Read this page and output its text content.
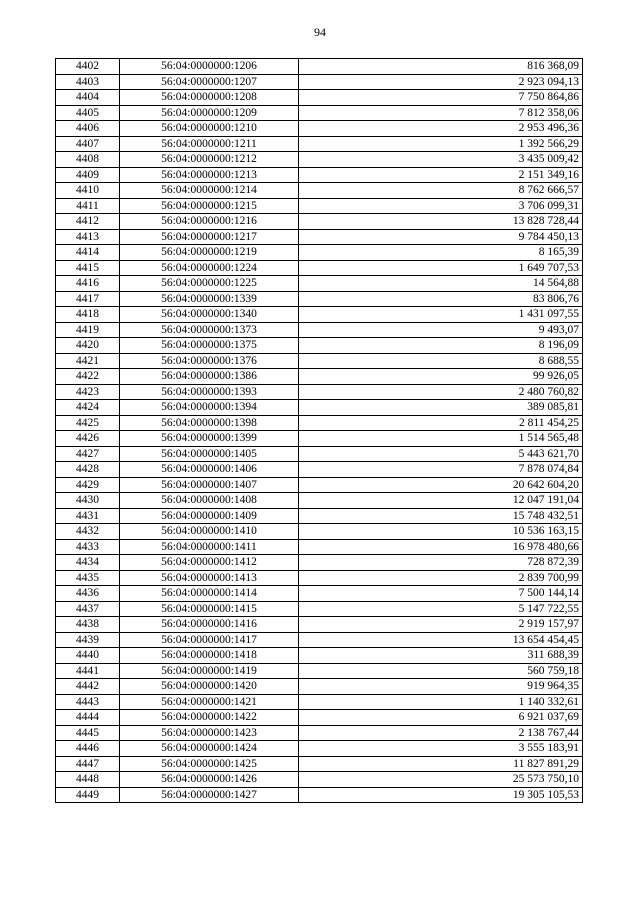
94
4402	56:04:0000000:1206	816 368,09
4403	56:04:0000000:1207	2 923 094,13
4404	56:04:0000000:1208	7 750 864,86
4405	56:04:0000000:1209	7 812 358,06
4406	56:04:0000000:1210	2 953 496,36
4407	56:04:0000000:1211	1 392 566,29
4408	56:04:0000000:1212	3 435 009,42
4409	56:04:0000000:1213	2 151 349,16
4410	56:04:0000000:1214	8 762 666,57
4411	56:04:0000000:1215	3 706 099,31
4412	56:04:0000000:1216	13 828 728,44
4413	56:04:0000000:1217	9 784 450,13
4414	56:04:0000000:1219	8 165,39
4415	56:04:0000000:1224	1 649 707,53
4416	56:04:0000000:1225	14 564,88
4417	56:04:0000000:1339	83 806,76
4418	56:04:0000000:1340	1 431 097,55
4419	56:04:0000000:1373	9 493,07
4420	56:04:0000000:1375	8 196,09
4421	56:04:0000000:1376	8 688,55
4422	56:04:0000000:1386	99 926,05
4423	56:04:0000000:1393	2 480 760,82
4424	56:04:0000000:1394	389 085,81
4425	56:04:0000000:1398	2 811 454,25
4426	56:04:0000000:1399	1 514 565,48
4427	56:04:0000000:1405	5 443 621,70
4428	56:04:0000000:1406	7 878 074,84
4429	56:04:0000000:1407	20 642 604,20
4430	56:04:0000000:1408	12 047 191,04
4431	56:04:0000000:1409	15 748 432,51
4432	56:04:0000000:1410	10 536 163,15
4433	56:04:0000000:1411	16 978 480,66
4434	56:04:0000000:1412	728 872,39
4435	56:04:0000000:1413	2 839 700,99
4436	56:04:0000000:1414	7 500 144,14
4437	56:04:0000000:1415	5 147 722,55
4438	56:04:0000000:1416	2 919 157,97
4439	56:04:0000000:1417	13 654 454,45
4440	56:04:0000000:1418	311 688,39
4441	56:04:0000000:1419	560 759,18
4442	56:04:0000000:1420	919 964,35
4443	56:04:0000000:1421	1 140 332,61
4444	56:04:0000000:1422	6 921 037,69
4445	56:04:0000000:1423	2 138 767,44
4446	56:04:0000000:1424	3 555 183,91
4447	56:04:0000000:1425	11 827 891,29
4448	56:04:0000000:1426	25 573 750,10
4449	56:04:0000000:1427	19 305 105,53
